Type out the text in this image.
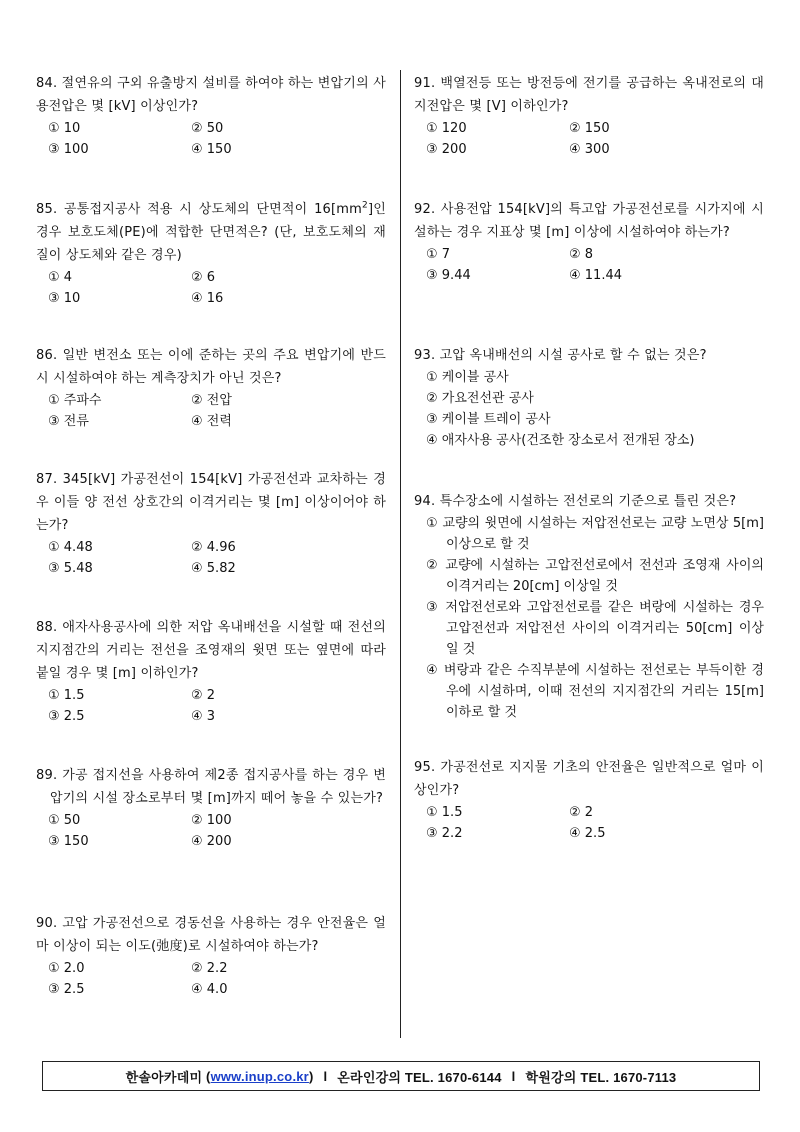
84. 절연유의 구외 유출방지 설비를 하여야 하는 변압기의 사용전압은 몇 [kV] 이상인가?
① 10	② 50
③ 100	④ 150
85. 공통접지공사 적용 시 상도체의 단면적이 $16[mm^2]$인 경우 보호도체(PE)에 적합한 단면적은? (단, 보호도체의 재질이 상도체와 같은 경우)
① 4	② 6
③ 10	④ 16
86. 일반 변전소 또는 이에 준하는 곳의 주요 변압기에 반드시 시설하여야 하는 계측장치가 아닌 것은?
① 주파수	② 전압
③ 전류	④ 전력
87. 345[kV] 가공전선이 154[kV] 가공전선과 교차하는 경우 이들 양 전선 상호간의 이격거리는 몇 [m] 이상이어야 하는가?
① 4.48	② 4.96
③ 5.48	④ 5.82
88. 애자사용공사에 의한 저압 옥내배선을 시설할 때 전선의 지지점간의 거리는 전선을 조영재의 윗면 또는 옆면에 따라 붙일 경우 몇 [m] 이하인가?
① 1.5	② 2
③ 2.5	④ 3
89. 가공 접지선을 사용하여 제2종 접지공사를 하는 경우 변압기의 시설 장소로부터 몇 [m]까지 떼어 놓을 수 있는가?
① 50	② 100
③ 150	④ 200
90. 고압 가공전선으로 경동선을 사용하는 경우 안전율은 얼마 이상이 되는 이도(弛度)로 시설하여야 하는가?
① 2.0	② 2.2
③ 2.5	④ 4.0
91. 백열전등 또는 방전등에 전기를 공급하는 옥내전로의 대지전압은 몇 [V] 이하인가?
① 120	② 150
③ 200	④ 300
92. 사용전압 154[kV]의 특고압 가공전선로를 시가지에 시설하는 경우 지표상 몇 [m] 이상에 시설하여야 하는가?
① 7	② 8
③ 9.44	④ 11.44
93. 고압 옥내배선의 시설 공사로 할 수 없는 것은?
① 케이블 공사
② 가요전선관 공사
③ 케이블 트레이 공사
④ 애자사용 공사(건조한 장소로서 전개된 장소)
94. 특수장소에 시설하는 전선로의 기준으로 틀린 것은?
① 교량의 윗면에 시설하는 저압전선로는 교량 노면상 5[m] 이상으로 할 것
② 교량에 시설하는 고압전선로에서 전선과 조영재 사이의 이격거리는 20[cm] 이상일 것
③ 저압전선로와 고압전선로를 같은 벼랑에 시설하는 경우 고압전선과 저압전선 사이의 이격거리는 50[cm] 이상일 것
④ 벼랑과 같은 수직부분에 시설하는 전선로는 부득이한 경우에 시설하며, 이때 전선의 지지점간의 거리는 15[m] 이하로 할 것
95. 가공전선로 지지물 기초의 안전율은 일반적으로 얼마 이상인가?
① 1.5	② 2
③ 2.2	④ 2.5
한솔아카데미 ( www.inup.co.kr ) l 온라인강의 TEL. 1670-6144 l 학원강의 TEL. 1670-7113
